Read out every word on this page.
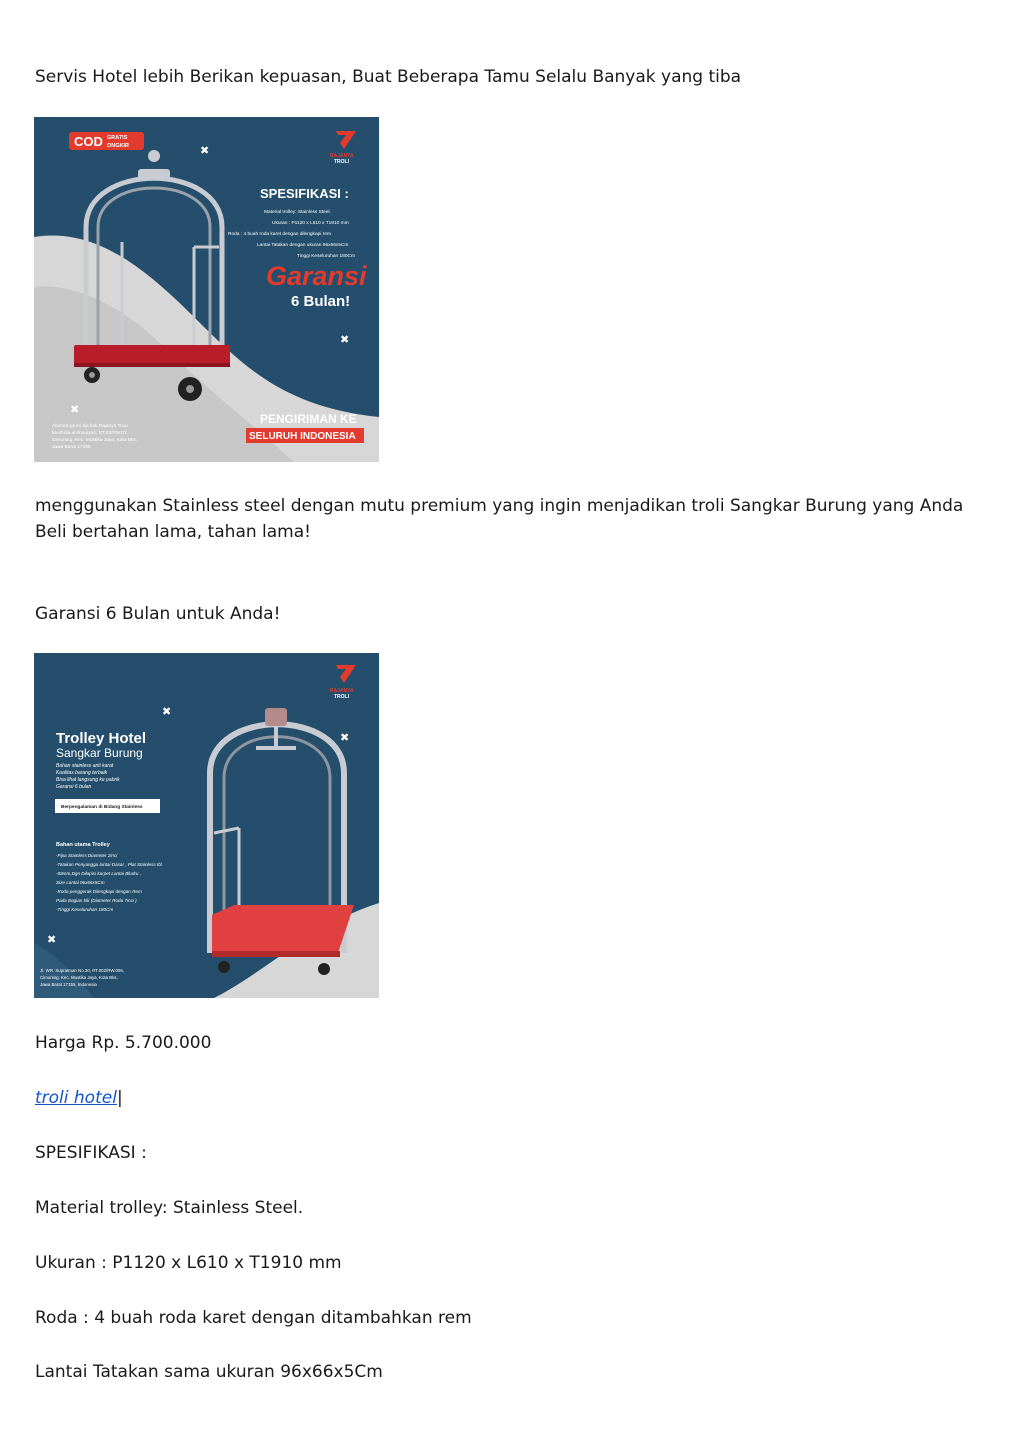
Servis Hotel lebih Berikan kepuasan, Buat Beberapa Tamu Selalu Banyak yang tiba

COD GRATIS
ONGKIR
RAJANYA
TROLI
✖
✖
✖
SPESIFIKASI :
Material trolley: Stainless Steel.
Ukuran : P1120 x L610 x T1910 mm
Roda : 4 buah roda karet dengan dilengkapi rem
Lantai Tatakan dengan ukuran 96x66x5Cm
Tinggi Keseluruhan 180Cm
Garansi
6 Bulan!
PENGIRIMAN KE
SELURUH INDONESIA
Alamatnya ini aja kak Rajanya TroLi
Mushola al-khairiyah, RT.03/RW.07,
Cimuning, Kec. Mustika Jaya, Kota Bks,
Jawa Barat 17155

menggunakan Stainless steel dengan mutu premium yang ingin menjadikan troli Sangkar Burung yang Anda Beli bertahan lama, tahan lama!

Garansi 6 Bulan untuk Anda!

RAJANYA
TROLI
✖
✖
✖
Trolley Hotel
Sangkar Burung
Bahan stainless anti karat
Kualitas barang terbaik
Bisa lihat langsung ke pabrik
Garansi 6 bulan
Berpengalaman di Bidang Stainless
Bahan utama Trolley
-Pipa Stainless Diameter 2inci
-Tatakan Penyangga lantai Dasar , Plat Stainless tbl
-08mm,Dgn Dilapisi karpet Lantai Bludru ,
Size Lantai 96x66x5Cm
-Roda penggerak Dilengkapi dengan Rem
Pada Bagian blk (Diameter Roda 7inci )
-Tinggi Keseluruhan 180Cm
Jl. WR. Supratman No.30, RT.002/RW.006,
Cimuning, Kec. Mustika Jaya, Kota Bks,
Jawa Barat 17155, Indonesia

Harga Rp. 5.700.000

troli hotel|

SPESIFIKASI :

Material trolley: Stainless Steel.

Ukuran : P1120 x L610 x T1910 mm

Roda : 4 buah roda karet dengan ditambahkan rem

Lantai Tatakan sama ukuran 96x66x5Cm
